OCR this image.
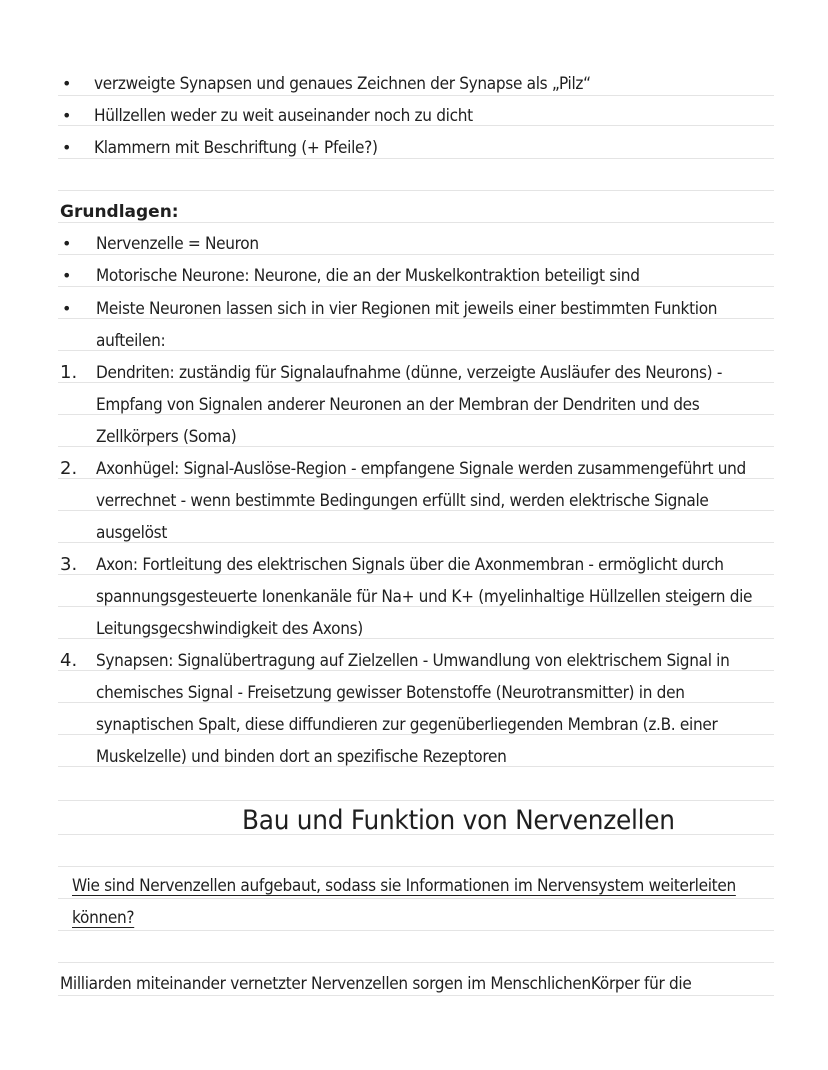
• verzweigte Synapsen und genaues Zeichnen der Synapse als „Pilz“
• Hüllzellen weder zu weit auseinander noch zu dicht
• Klammern mit Beschriftung (+ Pfeile?)
Grundlagen:
• Nervenzelle = Neuron
• Motorische Neurone: Neurone, die an der Muskelkontraktion beteiligt sind
• Meiste Neuronen lassen sich in vier Regionen mit jeweils einer bestimmten Funktion
aufteilen:
1. Dendriten: zuständig für Signalaufnahme (dünne, verzeigte Ausläufer des Neurons) -
Empfang von Signalen anderer Neuronen an der Membran der Dendriten und des
Zellkörpers (Soma)
2. Axonhügel: Signal-Auslöse-Region - empfangene Signale werden zusammengeführt und
verrechnet - wenn bestimmte Bedingungen erfüllt sind, werden elektrische Signale
ausgelöst
3. Axon: Fortleitung des elektrischen Signals über die Axonmembran - ermöglicht durch
spannungsgesteuerte Ionenkanäle für Na+ und K+ (myelinhaltige Hüllzellen steigern die
Leitungsgecshwindigkeit des Axons)
4. Synapsen: Signalübertragung auf Zielzellen - Umwandlung von elektrischem Signal in
chemisches Signal - Freisetzung gewisser Botenstoffe (Neurotransmitter) in den
synaptischen Spalt, diese diffundieren zur gegenüberliegenden Membran (z.B. einer
Muskelzelle) und binden dort an spezifische Rezeptoren
Bau und Funktion von Nervenzellen
Wie sind Nervenzellen aufgebaut, sodass sie Informationen im Nervensystem weiterleiten
können?
Milliarden miteinander vernetzter Nervenzellen sorgen im MenschlichenKörper für die
